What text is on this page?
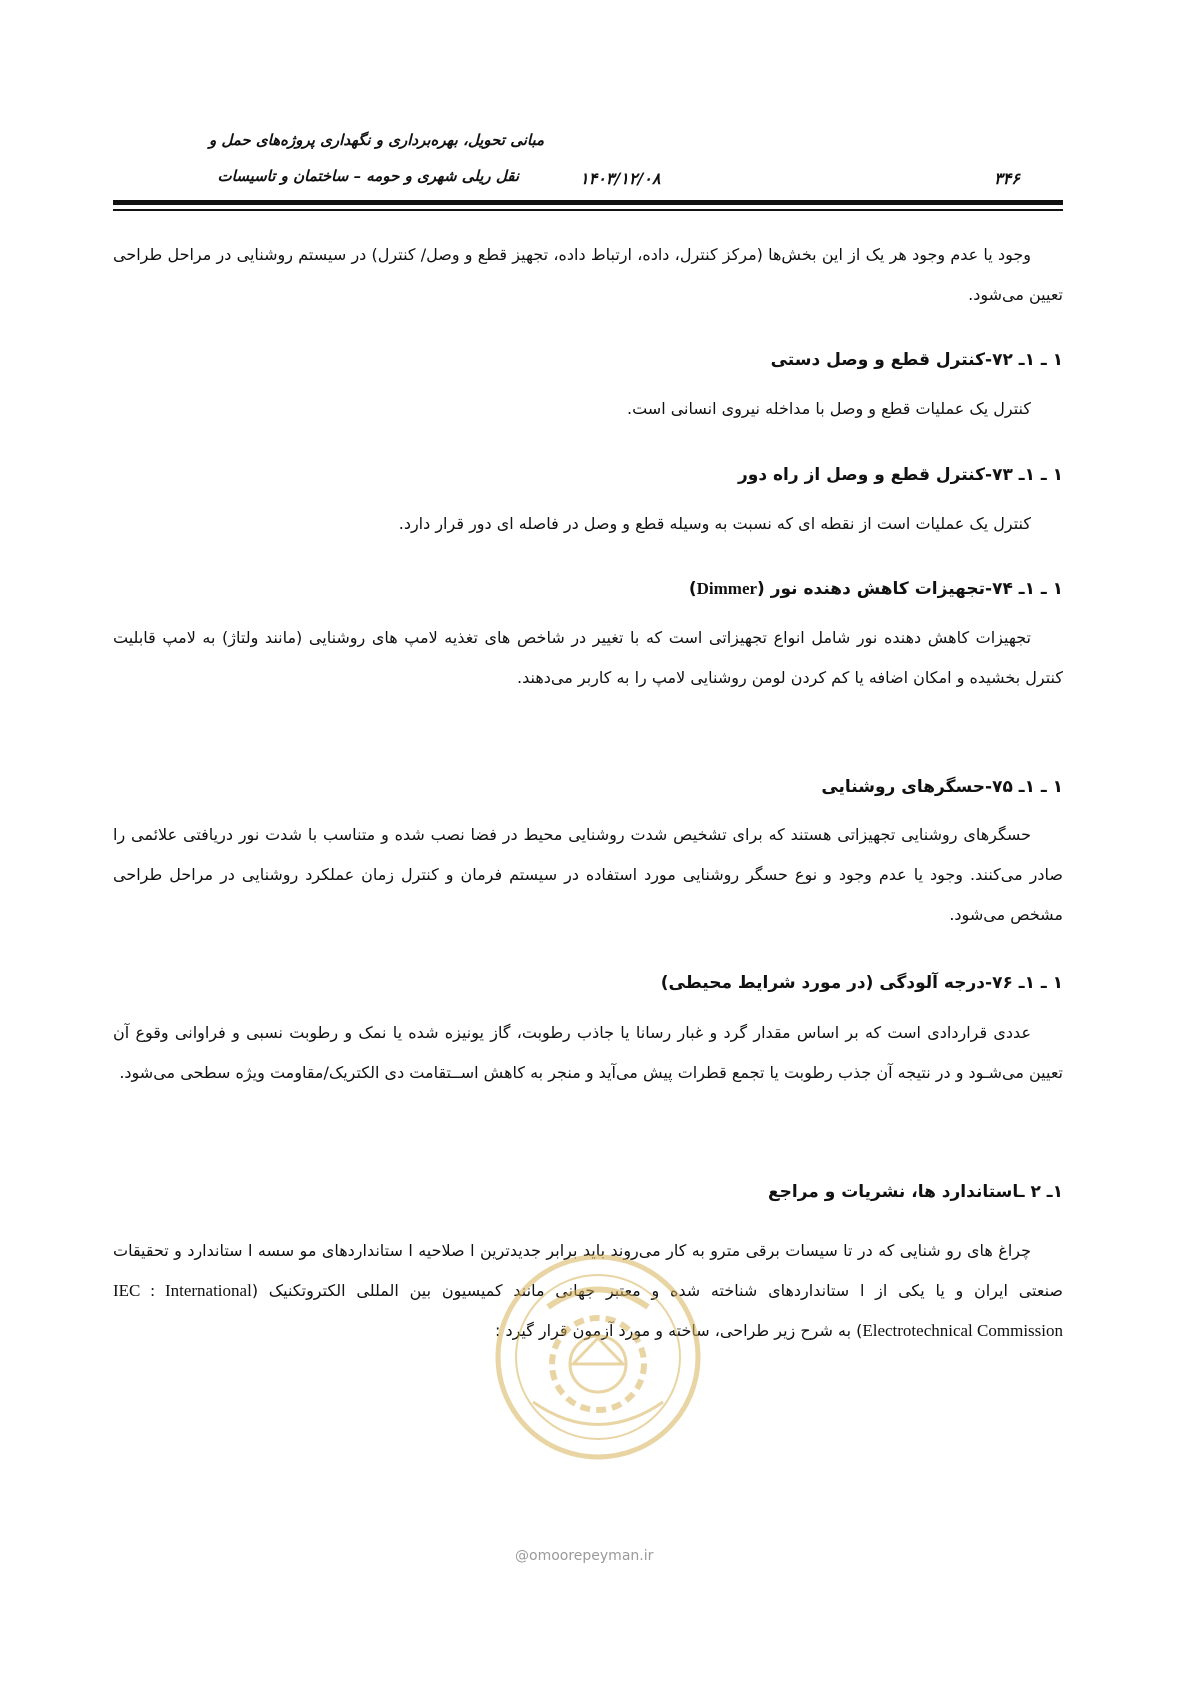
مبانی تحویل، بهره‌برداری و نگهداری پروژه‌های حمل و
نقل ریلی شهری و حومه – ساختمان و تاسیسات	۱۴۰۳/۱۲/۰۸	۳۴۶

وجود یا عدم وجود هر یک از این بخش‌ها (مرکز کنترل، داده، ارتباط داده، تجهیز قطع و وصل/ کنترل) در سیستم روشنایی در مراحل طراحی تعیین می‌شود.

۱ ـ ۱ـ ۷۲-کنترل قطع و وصل دستی

کنترل یک عملیات قطع و وصل با مداخله نیروی انسانی است.

۱ ـ ۱ـ ۷۳-کنترل قطع و وصل از راه دور

کنترل یک عملیات است از نقطه ای که نسبت به وسیله قطع و وصل در فاصله ای دور قرار دارد.

۱ ـ ۱ـ ۷۴-تجهیزات کاهش دهنده نور (Dimmer)

تجهیزات کاهش دهنده نور شامل انواع تجهیزاتی است که با تغییر در شاخص های تغذیه لامپ های روشنایی (مانند ولتاژ) به لامپ قابلیت کنترل بخشیده و امکان اضافه یا کم کردن لومن روشنایی لامپ را به کاربر می‌دهند.

۱ ـ ۱ـ ۷۵-حسگرهای روشنایی

حسگرهای روشنایی تجهیزاتی هستند که برای تشخیص شدت روشنایی محیط در فضا نصب شده و متناسب با شدت نور دریافتی علائمی را صادر می‌کنند. وجود یا عدم وجود و نوع حسگر روشنایی مورد استفاده در سیستم فرمان و کنترل زمان عملکرد روشنایی در مراحل طراحی مشخص می‌شود.

۱ ـ ۱ـ ۷۶-درجه آلودگی (در مورد شرایط محیطی)

عددی قراردادی است که بر اساس مقدار گرد و غبار رسانا یا جاذب رطوبت، گاز یونیزه شده یا نمک و رطوبت نسبی و فراوانی وقوع آن تعیین می‌شـود و در نتیجه آن جذب رطوبت یا تجمع قطرات پیش می‌آید و منجر به کاهش اســتقامت دی الکتریک/مقاومت ویژه سطحی می‌شود.

۱ـ ۲ ـاستاندارد ها، نشریات و مراجع

چراغ های رو شنایی که در تا سیسات برقی مترو به کار می‌روند باید برابر جدیدترین ا صلاحیه ا ستانداردهای مو سسه ا ستاندارد و تحقیقات صنعتی ایران و یا یکی از ا ستانداردهای شناخته شده و معتبر جهانی مانند کمیسیون بین المللی الکتروتکنیک (IEC : International Electrotechnical Commission) به شرح زیر طراحی، ساخته و مورد آزمون قرار گیرد :

@omoorepeyman.ir
